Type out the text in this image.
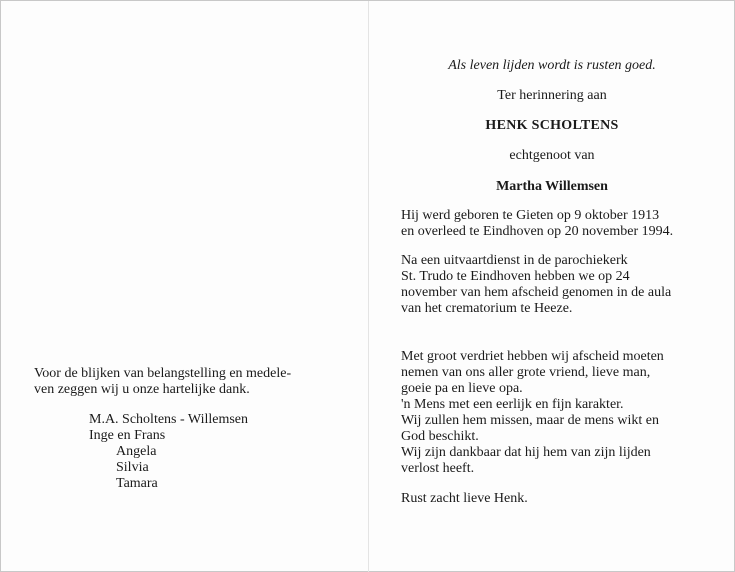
Voor de blijken van belangstelling en medele-
ven zeggen wij u onze hartelijke dank.
M.A. Scholtens - Willemsen
Inge en Frans
Angela
Silvia
Tamara
Als leven lijden wordt is rusten goed.
Ter herinnering aan
HENK SCHOLTENS
echtgenoot van
Martha Willemsen
Hij werd geboren te Gieten op 9 oktober 1913
en overleed te Eindhoven op 20 november 1994.
Na een uitvaartdienst in de parochiekerk
St. Trudo te Eindhoven hebben we op 24
november van hem afscheid genomen in de aula
van het crematorium te Heeze.
Met groot verdriet hebben wij afscheid moeten
nemen van ons aller grote vriend, lieve man,
goeie pa en lieve opa.
'n Mens met een eerlijk en fijn karakter.
Wij zullen hem missen, maar de mens wikt en
God beschikt.
Wij zijn dankbaar dat hij hem van zijn lijden
verlost heeft.
Rust zacht lieve Henk.
